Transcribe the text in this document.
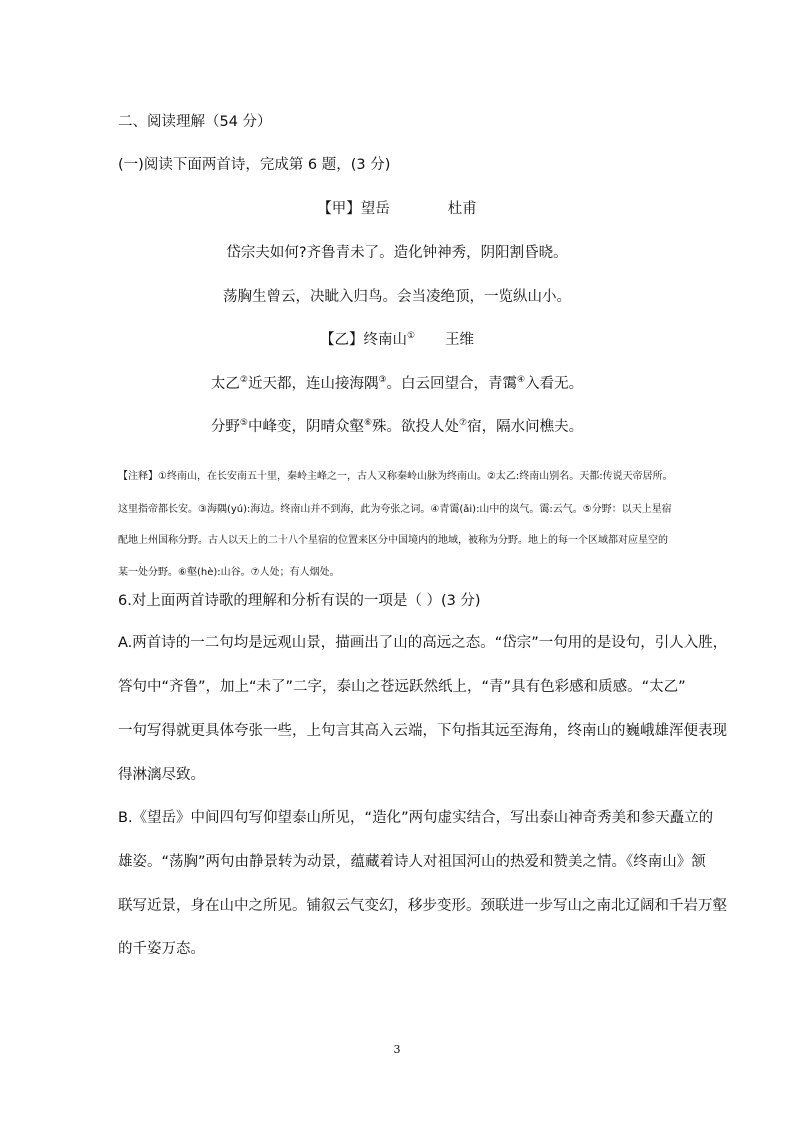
二、阅读理解（54 分）

(一)阅读下面两首诗，完成第 6 题，(3 分)

【甲】望岳	杜甫

岱宗夫如何?齐鲁青未了。造化钟神秀，阴阳割昏晓。

荡胸生曾云，决眦入归鸟。会当凌绝顶，一览纵山小。

【乙】终南山① 王维

太乙②近天都，连山接海隅③。白云回望合，青霭④入看无。

分野⑤中峰变，阴晴众壑⑥殊。欲投人处⑦宿，隔水问樵夫。

【注释】①终南山，在长安南五十里，秦岭主峰之一，古人又称秦岭山脉为终南山。②太乙:终南山别名。天都:传说天帝居所。

这里指帝都长安。③海隅(yú):海边。终南山并不到海，此为夸张之词。④青霭(ǎi):山中的岚气。霭:云气。⑤分野：以天上星宿

配地上州国称分野。古人以天上的二十八个星宿的位置来区分中国境内的地域，被称为分野。地上的每一个区域都对应星空的

某一处分野。⑥壑(hè):山谷。⑦人处；有人烟处。

6.对上面两首诗歌的理解和分析有误的一项是（ ）(3 分)

A.两首诗的一二句均是远观山景，描画出了山的高远之态。“岱宗”一句用的是设句，引人入胜，

答句中“齐鲁”，加上“未了”二字，泰山之苍远跃然纸上，“青”具有色彩感和质感。“太乙”

一句写得就更具体夸张一些，上句言其高入云端，下句指其远至海角，终南山的巍峨雄浑便表现

得淋漓尽致。

B.《望岳》中间四句写仰望泰山所见，“造化”两句虚实结合，写出泰山神奇秀美和参天矗立的

雄姿。“荡胸”两句由静景转为动景，蕴藏着诗人对祖国河山的热爱和赞美之情。《终南山》颔

联写近景，身在山中之所见。铺叙云气变幻，移步变形。颈联进一步写山之南北辽阔和千岩万壑

的千姿万态。

3
